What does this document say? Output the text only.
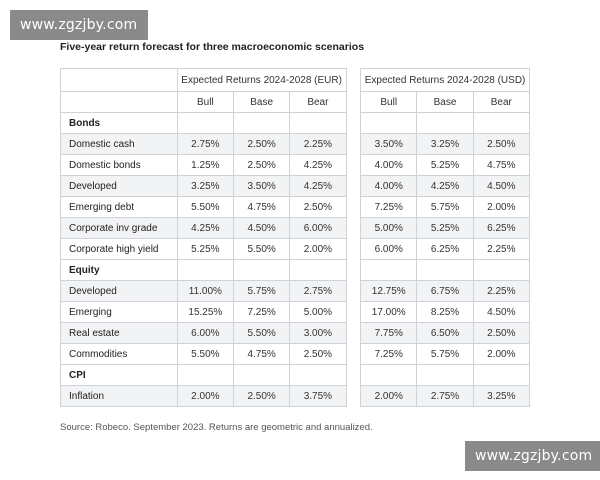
www.zgzjby.com
Five-year return forecast for three macroeconomic scenarios
	Expected Returns 2024-2028 (EUR)				Expected Returns 2024-2028 (USD)		
	Bull	Base	Bear		Bull	Base	Bear
Bonds							
Domestic cash	2.75%	2.50%	2.25%		3.50%	3.25%	2.50%
Domestic bonds	1.25%	2.50%	4.25%		4.00%	5.25%	4.75%
Developed	3.25%	3.50%	4.25%		4.00%	4.25%	4.50%
Emerging debt	5.50%	4.75%	2.50%		7.25%	5.75%	2.00%
Corporate inv grade	4.25%	4.50%	6.00%		5.00%	5.25%	6.25%
Corporate high yield	5.25%	5.50%	2.00%		6.00%	6.25%	2.25%
Equity							
Developed	11.00%	5.75%	2.75%		12.75%	6.75%	2.25%
Emerging	15.25%	7.25%	5.00%		17.00%	8.25%	4.50%
Real estate	6.00%	5.50%	3.00%		7.75%	6.50%	2.50%
Commodities	5.50%	4.75%	2.50%		7.25%	5.75%	2.00%
CPI							
Inflation	2.00%	2.50%	3.75%		2.00%	2.75%	3.25%
Source: Robeco. September 2023. Returns are geometric and annualized.
www.zgzjby.com
